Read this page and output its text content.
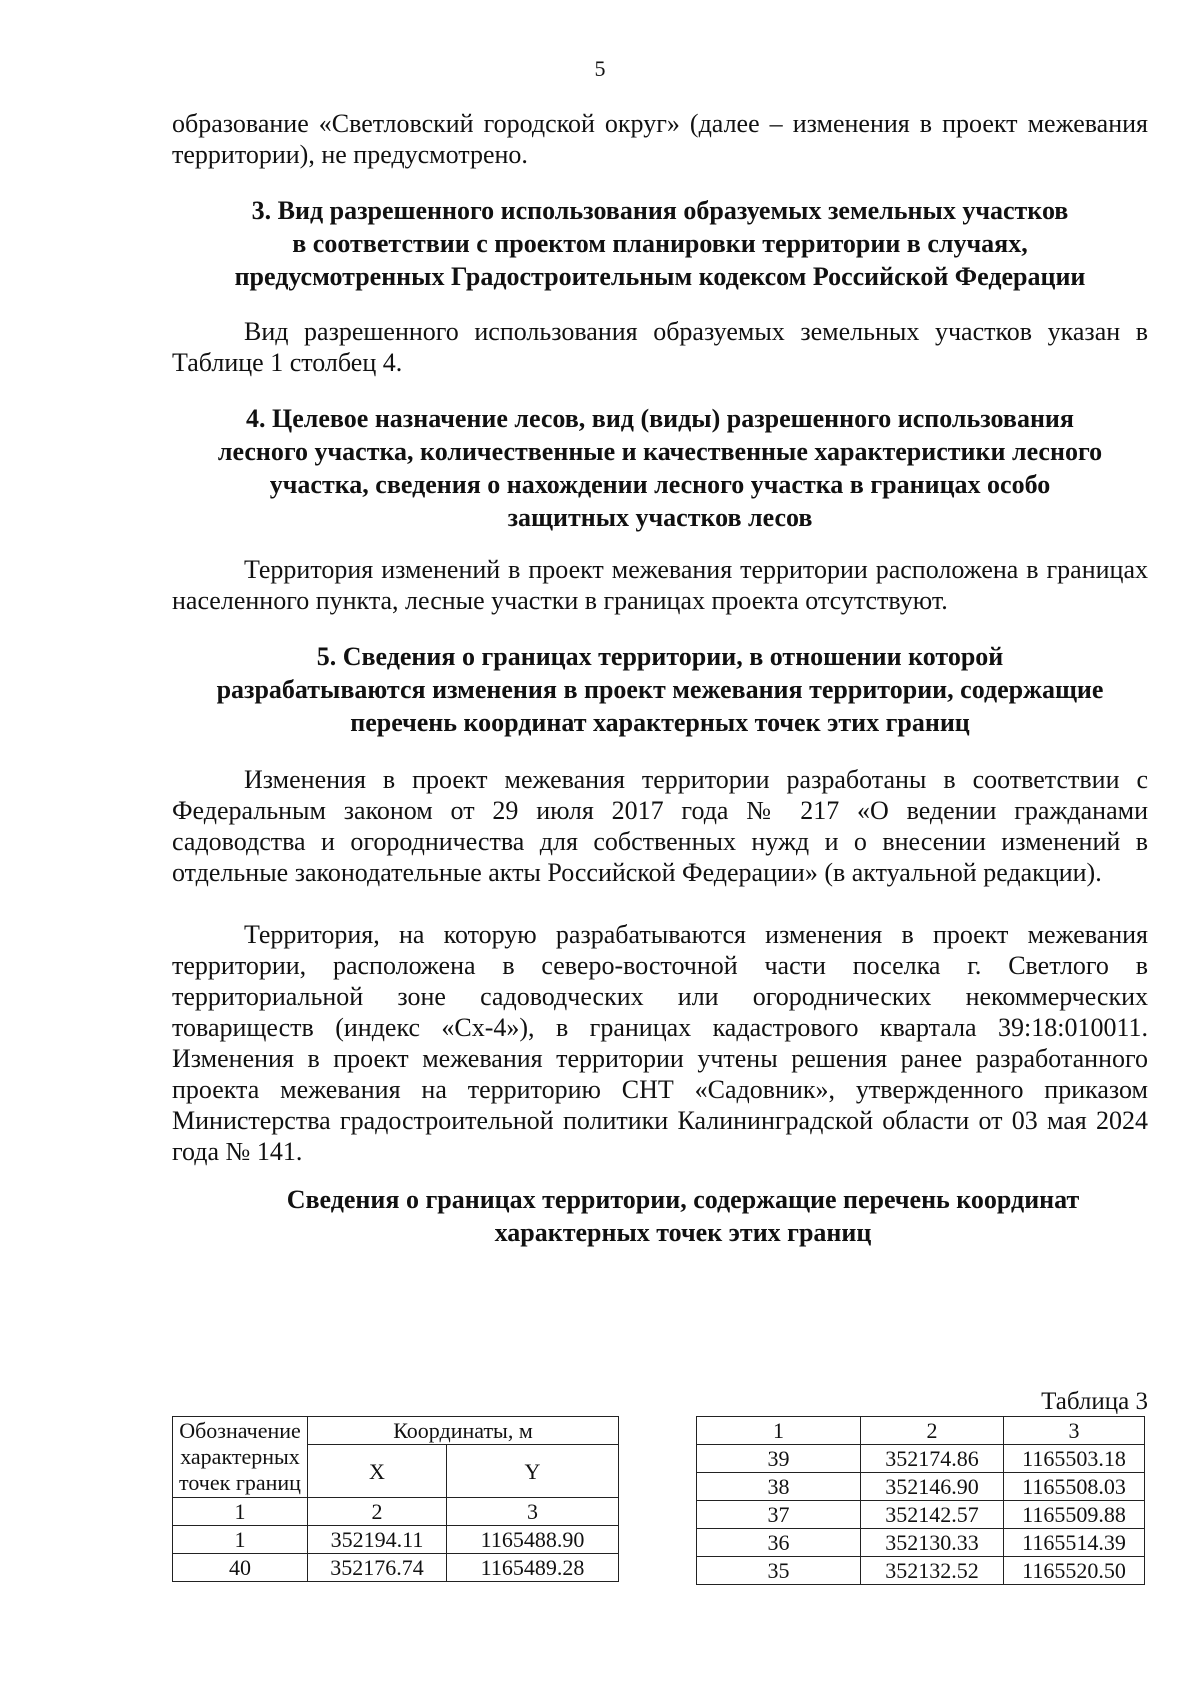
5

образование «Светловский городской округ» (далее – изменения в проект межевания территории), не предусмотрено.

3. Вид разрешенного использования образуемых земельных участков
в соответствии с проектом планировки территории в случаях,
предусмотренных Градостроительным кодексом Российской Федерации

Вид разрешенного использования образуемых земельных участков указан в Таблице 1 столбец 4.

4. Целевое назначение лесов, вид (виды) разрешенного использования
лесного участка, количественные и качественные характеристики лесного
участка, сведения о нахождении лесного участка в границах особо
защитных участков лесов

Территория изменений в проект межевания территории расположена в границах населенного пункта, лесные участки в границах проекта отсутствуют.

5. Сведения о границах территории, в отношении которой
разрабатываются изменения в проект межевания территории, содержащие
перечень координат характерных точек этих границ

Изменения в проект межевания территории разработаны в соответствии с Федеральным законом от 29 июля 2017 года № 217 «О ведении гражданами садоводства и огородничества для собственных нужд и о внесении изменений в отдельные законодательные акты Российской Федерации» (в актуальной редакции).

Территория, на которую разрабатываются изменения в проект межевания территории, расположена в северо-восточной части поселка г. Светлого в территориальной зоне садоводческих или огороднических некоммерческих товариществ (индекс «Сх-4»), в границах кадастрового квартала 39:18:010011. Изменения в проект межевания территории учтены решения ранее разработанного проекта межевания на территорию СНТ «Садовник», утвержденного приказом Министерства градостроительной политики Калининградской области от 03 мая 2024 года № 141.

Сведения о границах территории, содержащие перечень координат
характерных точек этих границ
Таблица 3
Обозначение
характерных
точек границ	Координаты, м	
	X	Y
1	2	3
1	352194.11	1165488.90
40	352176.74	1165489.28
1	2	3
39	352174.86	1165503.18
38	352146.90	1165508.03
37	352142.57	1165509.88
36	352130.33	1165514.39
35	352132.52	1165520.50
